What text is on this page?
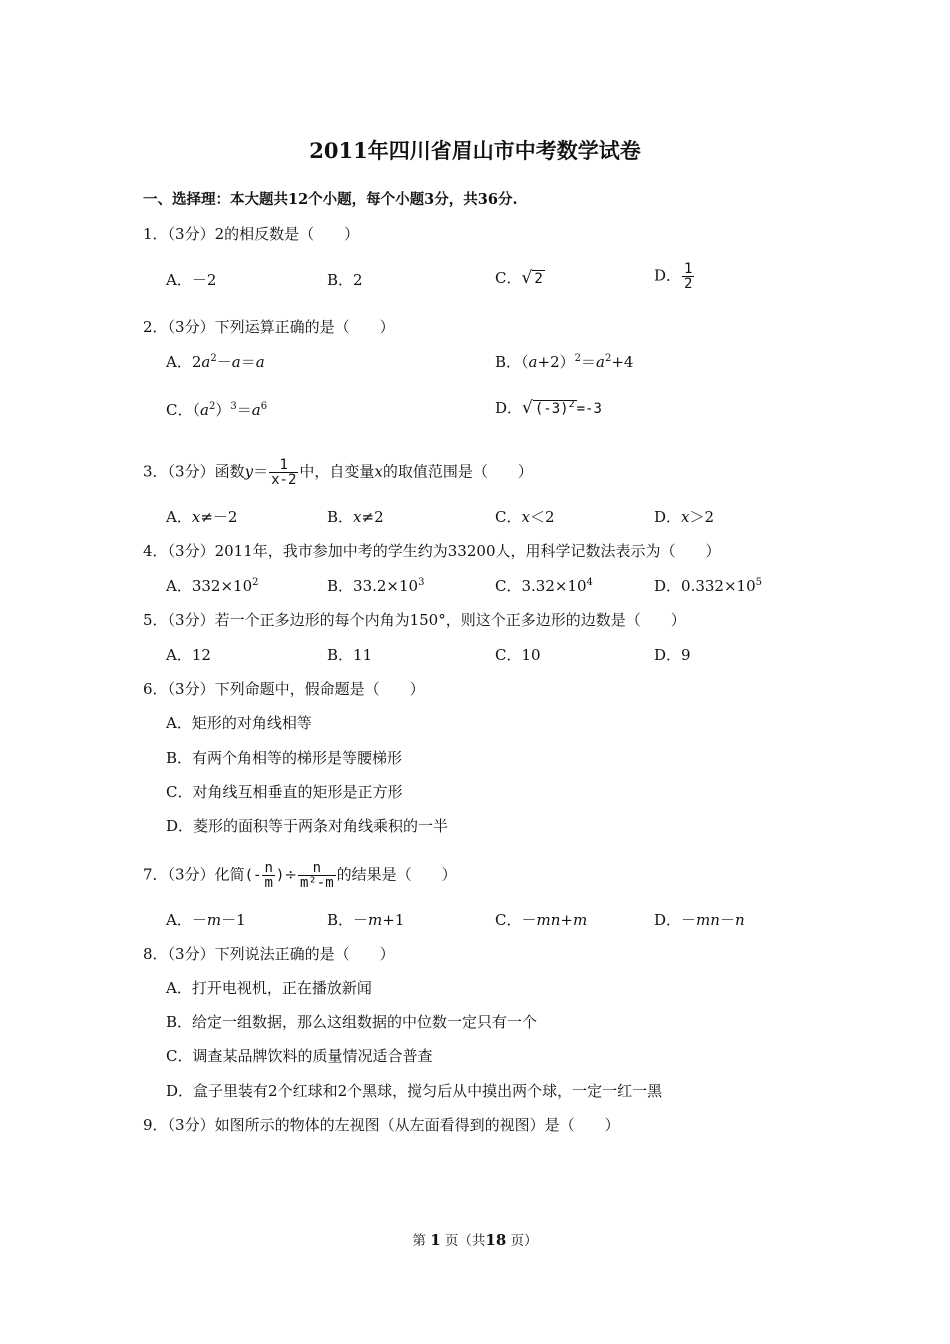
2011年四川省眉山市中考数学试卷
一、选择理：本大题共12个小题，每个小题3分，共36分.
1．（3分）2的相反数是（　　）
A．－2	B．2	C．√ 2	D． $\frac{1}{2}$
2．（3分）下列运算正确的是（　　）
A．$2a^2-a=a$	B．$(a+2)^2=a^2+4$
C．$(a^2)^3=a^6$	D．√ $(-3)^2 =-3$
3．（3分）函数$y= \frac{1}{x-2}$ 中，自变量x的取值范围是（　　）
A．x≠－2	B．x≠2	C．x＜2	D．x＞2
4．（3分）2011年，我市参加中考的学生约为33200人，用科学记数法表示为（　　）
A．$332\times 10^2$	B．$33.2\times 10^3$	C．$3.32\times 10^4$	D．$0.332\times 10^5$
5．（3分）若一个正多边形的每个内角为150°，则这个正多边形的边数是（　　）
A．12	B．11	C．10	D．9
6．（3分）下列命题中，假命题是（　　）
A．矩形的对角线相等
B．有两个角相等的梯形是等腰梯形
C．对角线互相垂直的矩形是正方形
D．菱形的面积等于两条对角线乘积的一半
7．（3分）化简(- $\frac{n}{m}$ )÷ $\frac{n}{\text{m²-m}}$ 的结果是（　　）
A．－m－1	B．－m+1	C．－mn+m	D．－mn－n
8．（3分）下列说法正确的是（　　）
A．打开电视机，正在播放新闻
B．给定一组数据，那么这组数据的中位数一定只有一个
C．调查某品牌饮料的质量情况适合普查
D．盒子里装有2个红球和2个黑球，搅匀后从中摸出两个球，一定一红一黑
9．（3分）如图所示的物体的左视图（从左面看得到的视图）是（　　）
第 1 页（共18 页）
